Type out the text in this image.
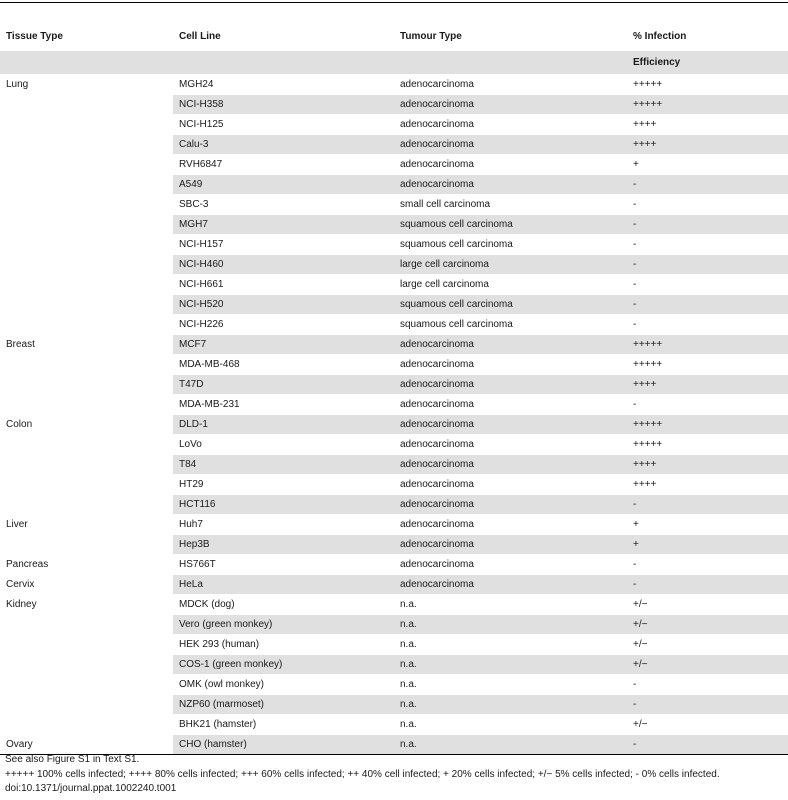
Tissue Type	Cell Line	Tumour Type	% Infection
			Efficiency
Lung	MGH24	adenocarcinoma	+++++
	NCI-H358	adenocarcinoma	+++++
	NCI-H125	adenocarcinoma	++++
	Calu-3	adenocarcinoma	++++
	RVH6847	adenocarcinoma	+
	A549	adenocarcinoma	-
	SBC-3	small cell carcinoma	-
	MGH7	squamous cell carcinoma	-
	NCI-H157	squamous cell carcinoma	-
	NCI-H460	large cell carcinoma	-
	NCI-H661	large cell carcinoma	-
	NCI-H520	squamous cell carcinoma	-
	NCI-H226	squamous cell carcinoma	-
Breast	MCF7	adenocarcinoma	+++++
	MDA-MB-468	adenocarcinoma	+++++
	T47D	adenocarcinoma	++++
	MDA-MB-231	adenocarcinoma	-
Colon	DLD-1	adenocarcinoma	+++++
	LoVo	adenocarcinoma	+++++
	T84	adenocarcinoma	++++
	HT29	adenocarcinoma	++++
	HCT116	adenocarcinoma	-
Liver	Huh7	adenocarcinoma	+
	Hep3B	adenocarcinoma	+
Pancreas	HS766T	adenocarcinoma	-
Cervix	HeLa	adenocarcinoma	-
Kidney	MDCK (dog)	n.a.	+/−
	Vero (green monkey)	n.a.	+/−
	HEK 293 (human)	n.a.	+/−
	COS-1 (green monkey)	n.a.	+/−
	OMK (owl monkey)	n.a.	-
	NZP60 (marmoset)	n.a.	-
	BHK21 (hamster)	n.a.	+/−
Ovary	CHO (hamster)	n.a.	-
See also Figure S1 in Text S1.
+++++ 100% cells infected; ++++ 80% cells infected; +++ 60% cells infected; ++ 40% cell infected; + 20% cells infected; +/− 5% cells infected; - 0% cells infected.
doi:10.1371/journal.ppat.1002240.t001
